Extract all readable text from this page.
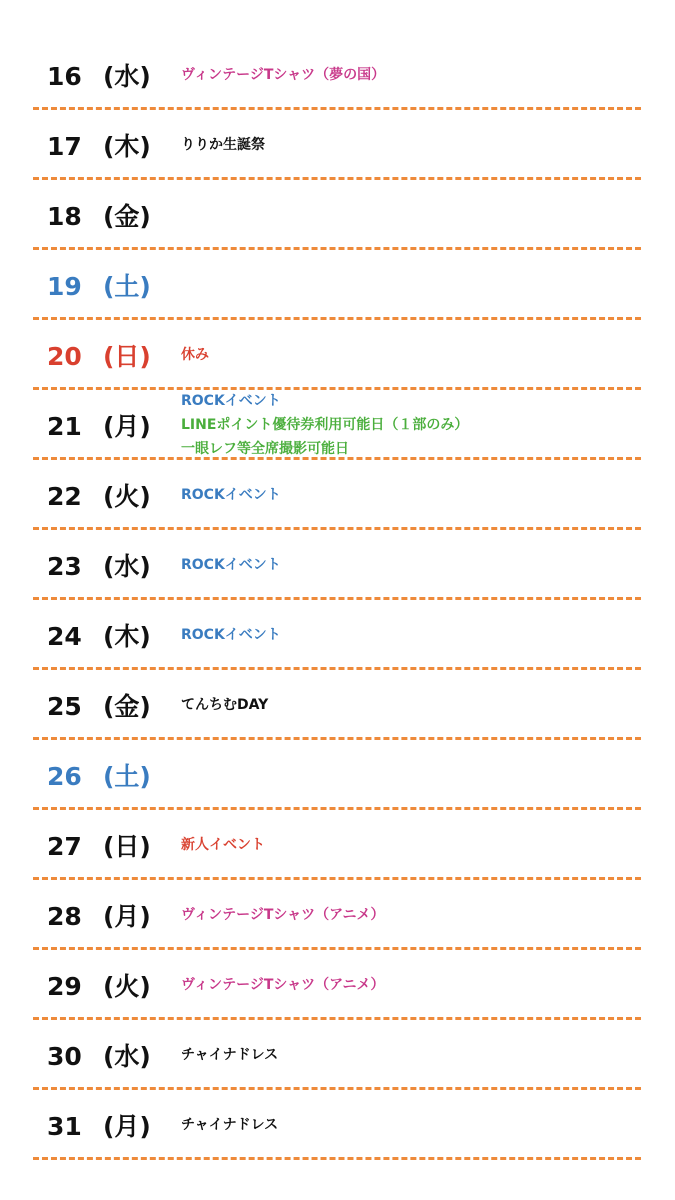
16 (水) ヴィンテージTシャツ（夢の国）
17 (木) りりか生誕祭
18 (金)
19 (土)
20 (日) 休み
21 (月)
ROCKイベント
LINEポイント優待券利用可能日（１部のみ）
一眼レフ等全席撮影可能日
22 (火) ROCKイベント
23 (水) ROCKイベント
24 (木) ROCKイベント
25 (金) てんちむDAY
26 (土)
27 (日) 新人イベント
28 (月) ヴィンテージTシャツ（アニメ）
29 (火) ヴィンテージTシャツ（アニメ）
30 (水) チャイナドレス
31 (月) チャイナドレス
